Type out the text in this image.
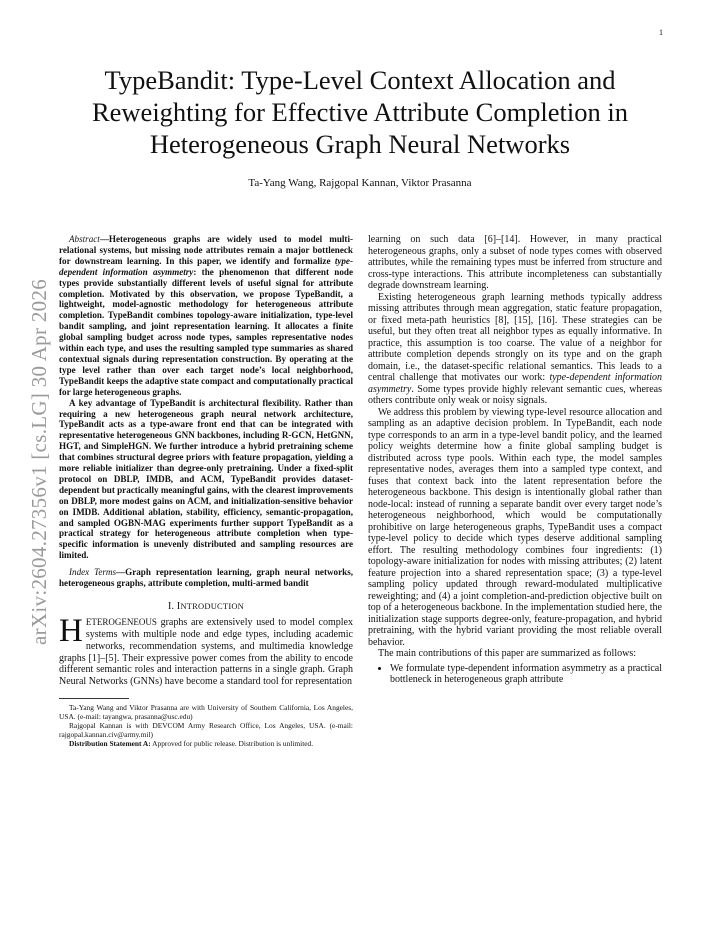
1
arXiv:2604.27356v1 [cs.LG] 30 Apr 2026
TypeBandit: Type-Level Context Allocation and Reweighting for Effective Attribute Completion in Heterogeneous Graph Neural Networks
Ta-Yang Wang, Rajgopal Kannan, Viktor Prasanna

Abstract—Heterogeneous graphs are widely used to model multi-relational systems, but missing node attributes remain a major bottleneck for downstream learning. In this paper, we identify and formalize type-dependent information asymmetry: the phenomenon that different node types provide substantially different levels of useful signal for attribute completion. Motivated by this observation, we propose TypeBandit, a lightweight, model-agnostic methodology for heterogeneous attribute completion. TypeBandit combines topology-aware initialization, type-level bandit sampling, and joint representation learning. It allocates a finite global sampling budget across node types, samples representative nodes within each type, and uses the resulting sampled type summaries as shared contextual signals during representation construction. By operating at the type level rather than over each target node’s local neighborhood, TypeBandit keeps the adaptive state compact and computationally practical for large heterogeneous graphs.

A key advantage of TypeBandit is architectural flexibility. Rather than requiring a new heterogeneous graph neural network architecture, TypeBandit acts as a type-aware front end that can be integrated with representative heterogeneous GNN backbones, including R-GCN, HetGNN, HGT, and SimpleHGN. We further introduce a hybrid pretraining scheme that combines structural degree priors with feature propagation, yielding a more reliable initializer than degree-only pretraining. Under a fixed-split protocol on DBLP, IMDB, and ACM, TypeBandit provides dataset-dependent but practically meaningful gains, with the clearest improvements on DBLP, more modest gains on ACM, and initialization-sensitive behavior on IMDB. Additional ablation, stability, efficiency, semantic-propagation, and sampled OGBN-MAG experiments further support TypeBandit as a practical strategy for heterogeneous attribute completion when type-specific information is unevenly distributed and sampling resources are limited.

Index Terms—Graph representation learning, graph neural networks, heterogeneous graphs, attribute completion, multi-armed bandit

I. INTRODUCTION

HETEROGENEOUS graphs are extensively used to model complex systems with multiple node and edge types, including academic networks, recommendation systems, and multimedia knowledge graphs [1]–[5]. Their expressive power comes from the ability to encode different semantic roles and interaction patterns in a single graph. Graph Neural Networks (GNNs) have become a standard tool for representation

Ta-Yang Wang and Viktor Prasanna are with University of Southern California, Los Angeles, USA. (e-mail: tayangwa, prasanna@usc.edu)

Rajgopal Kannan is with DEVCOM Army Research Office, Los Angeles, USA. (e-mail: rajgopal.kannan.civ@army.mil)

Distribution Statement A: Approved for public release. Distribution is unlimited.

learning on such data [6]–[14]. However, in many practical heterogeneous graphs, only a subset of node types comes with observed attributes, while the remaining types must be inferred from structure and cross-type interactions. This attribute incompleteness can substantially degrade downstream learning.

Existing heterogeneous graph learning methods typically address missing attributes through mean aggregation, static feature propagation, or fixed meta-path heuristics [8], [15], [16]. These strategies can be useful, but they often treat all neighbor types as equally informative. In practice, this assumption is too coarse. The value of a neighbor for attribute completion depends strongly on its type and on the graph domain, i.e., the dataset-specific relational semantics. This leads to a central challenge that motivates our work: type-dependent information asymmetry. Some types provide highly relevant semantic cues, whereas others contribute only weak or noisy signals.

We address this problem by viewing type-level resource allocation and sampling as an adaptive decision problem. In TypeBandit, each node type corresponds to an arm in a type-level bandit policy, and the learned policy weights determine how a finite global sampling budget is distributed across type pools. Within each type, the model samples representative nodes, averages them into a sampled type context, and fuses that context back into the latent representation before the heterogeneous backbone. This design is intentionally global rather than node-local: instead of running a separate bandit over every target node’s heterogeneous neighborhood, which would be computationally prohibitive on large heterogeneous graphs, TypeBandit uses a compact type-level policy to decide which types deserve additional sampling effort. The resulting methodology combines four ingredients: (1) topology-aware initialization for nodes with missing attributes; (2) latent feature projection into a shared representation space; (3) a type-level sampling policy updated through reward-modulated multiplicative reweighting; and (4) a joint completion-and-prediction objective built on top of a heterogeneous backbone. In the implementation studied here, the initialization stage supports degree-only, feature-propagation, and hybrid pretraining, with the hybrid variant providing the most reliable overall behavior.

The main contributions of this paper are summarized as follows:

• We formulate type-dependent information asymmetry as a practical bottleneck in heterogeneous graph attribute
